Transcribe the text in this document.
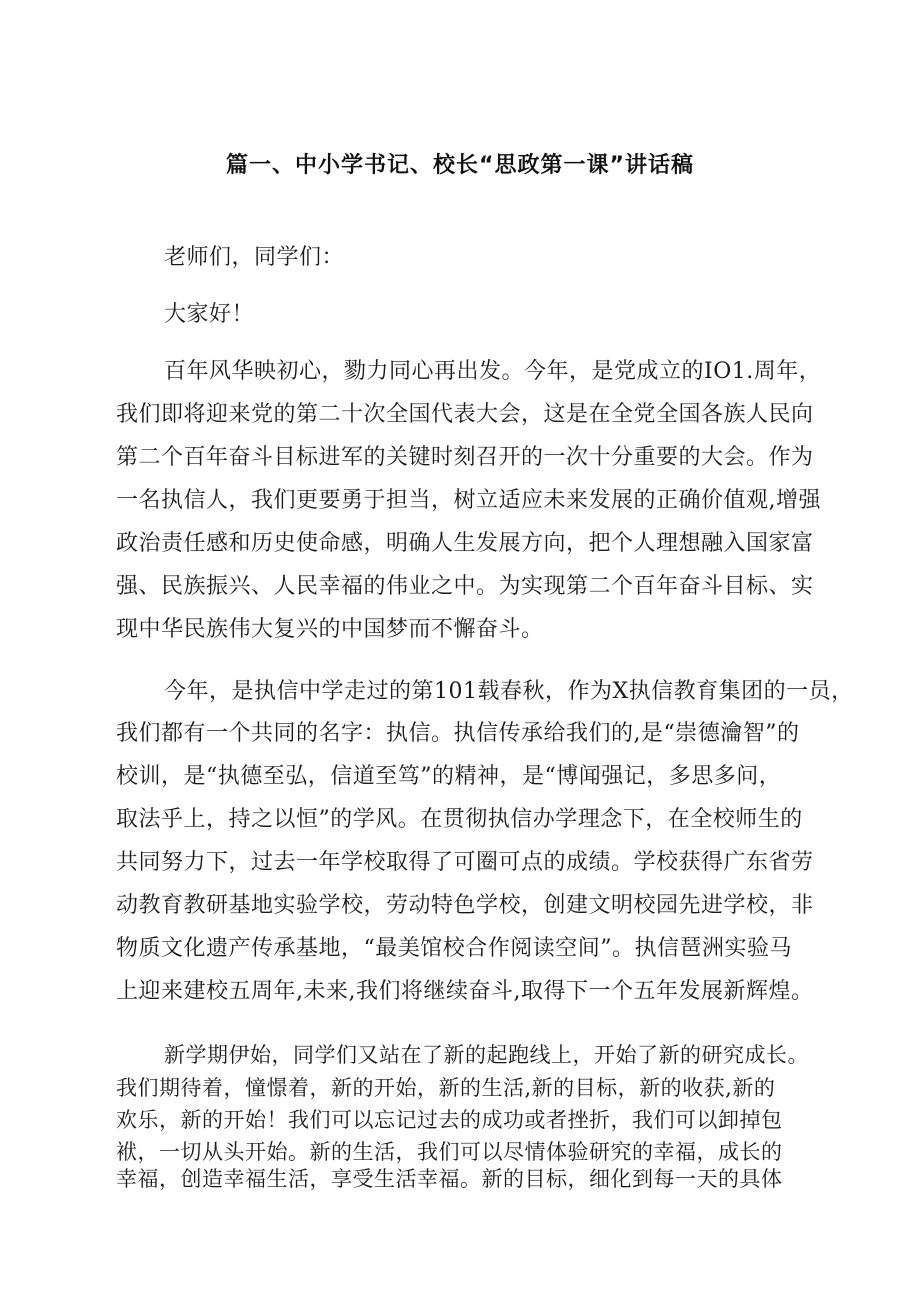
篇一、中小学书记、校长“思政第一课”讲话稿
老师们，同学们：
大家好！
百年风华映初心，勠力同心再出发。今年，是党成立的IO1.周年，
我们即将迎来党的第二十次全国代表大会，这是在全党全国各族人民向
第二个百年奋斗目标进军的关键时刻召开的一次十分重要的大会。作为
一名执信人，我们更要勇于担当，树立适应未来发展的正确价值观,增强
政治责任感和历史使命感，明确人生发展方向，把个人理想融入国家富
强、民族振兴、人民幸福的伟业之中。为实现第二个百年奋斗目标、实
现中华民族伟大复兴的中国梦而不懈奋斗。
今年，是执信中学走过的第101载春秋，作为X执信教育集团的一员，
我们都有一个共同的名字：执信。执信传承给我们的,是“崇德瀹智”的
校训，是“执德至弘，信道至笃”的精神，是“博闻强记，多思多问，
取法乎上，持之以恒”的学风。在贯彻执信办学理念下，在全校师生的
共同努力下，过去一年学校取得了可圈可点的成绩。学校获得广东省劳
动教育教研基地实验学校，劳动特色学校，创建文明校园先进学校，非
物质文化遗产传承基地，“最美馆校合作阅读空间”。执信琶洲实验马
上迎来建校五周年,未来,我们将继续奋斗,取得下一个五年发展新辉煌。
新学期伊始，同学们又站在了新的起跑线上，开始了新的研究成长。
我们期待着，憧憬着，新的开始，新的生活,新的目标，新的收获,新的
欢乐，新的开始！我们可以忘记过去的成功或者挫折，我们可以卸掉包
袱，一切从头开始。新的生活，我们可以尽情体验研究的幸福，成长的
幸福，创造幸福生活，享受生活幸福。新的目标，细化到每一天的具体
